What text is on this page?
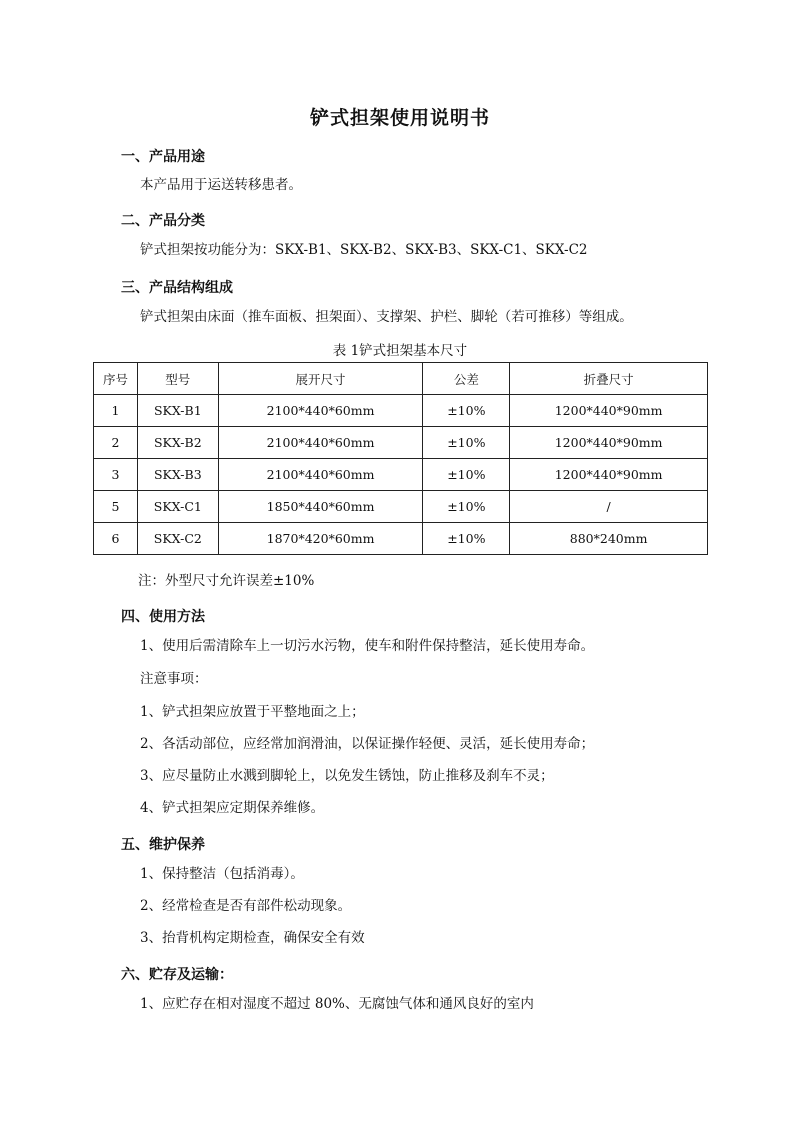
铲式担架使用说明书
一、产品用途
本产品用于运送转移患者。
二、产品分类
铲式担架按功能分为：SKX-B1、SKX-B2、SKX-B3、SKX-C1、SKX-C2
三、产品结构组成
铲式担架由床面（推车面板、担架面）、支撑架、护栏、脚轮（若可推移）等组成。
表 1铲式担架基本尺寸
序号	型号	展开尺寸	公差	折叠尺寸
1	SKX-B1	2100*440*60mm	±10%	1200*440*90mm
2	SKX-B2	2100*440*60mm	±10%	1200*440*90mm
3	SKX-B3	2100*440*60mm	±10%	1200*440*90mm
5	SKX-C1	1850*440*60mm	±10%	/
6	SKX-C2	1870*420*60mm	±10%	880*240mm
注：外型尺寸允许误差±10%
四、使用方法
1、使用后需清除车上一切污水污物，使车和附件保持整洁，延长使用寿命。
注意事项：
1、铲式担架应放置于平整地面之上；
2、各活动部位，应经常加润滑油，以保证操作轻便、灵活，延长使用寿命；
3、应尽量防止水溅到脚轮上，以免发生锈蚀，防止推移及刹车不灵；
4、铲式担架应定期保养维修。
五、维护保养
1、保持整洁（包括消毒）。
2、经常检查是否有部件松动现象。
3、抬背机构定期检查，确保安全有效
六、贮存及运输：
1、应贮存在相对湿度不超过 80%、无腐蚀气体和通风良好的室内
